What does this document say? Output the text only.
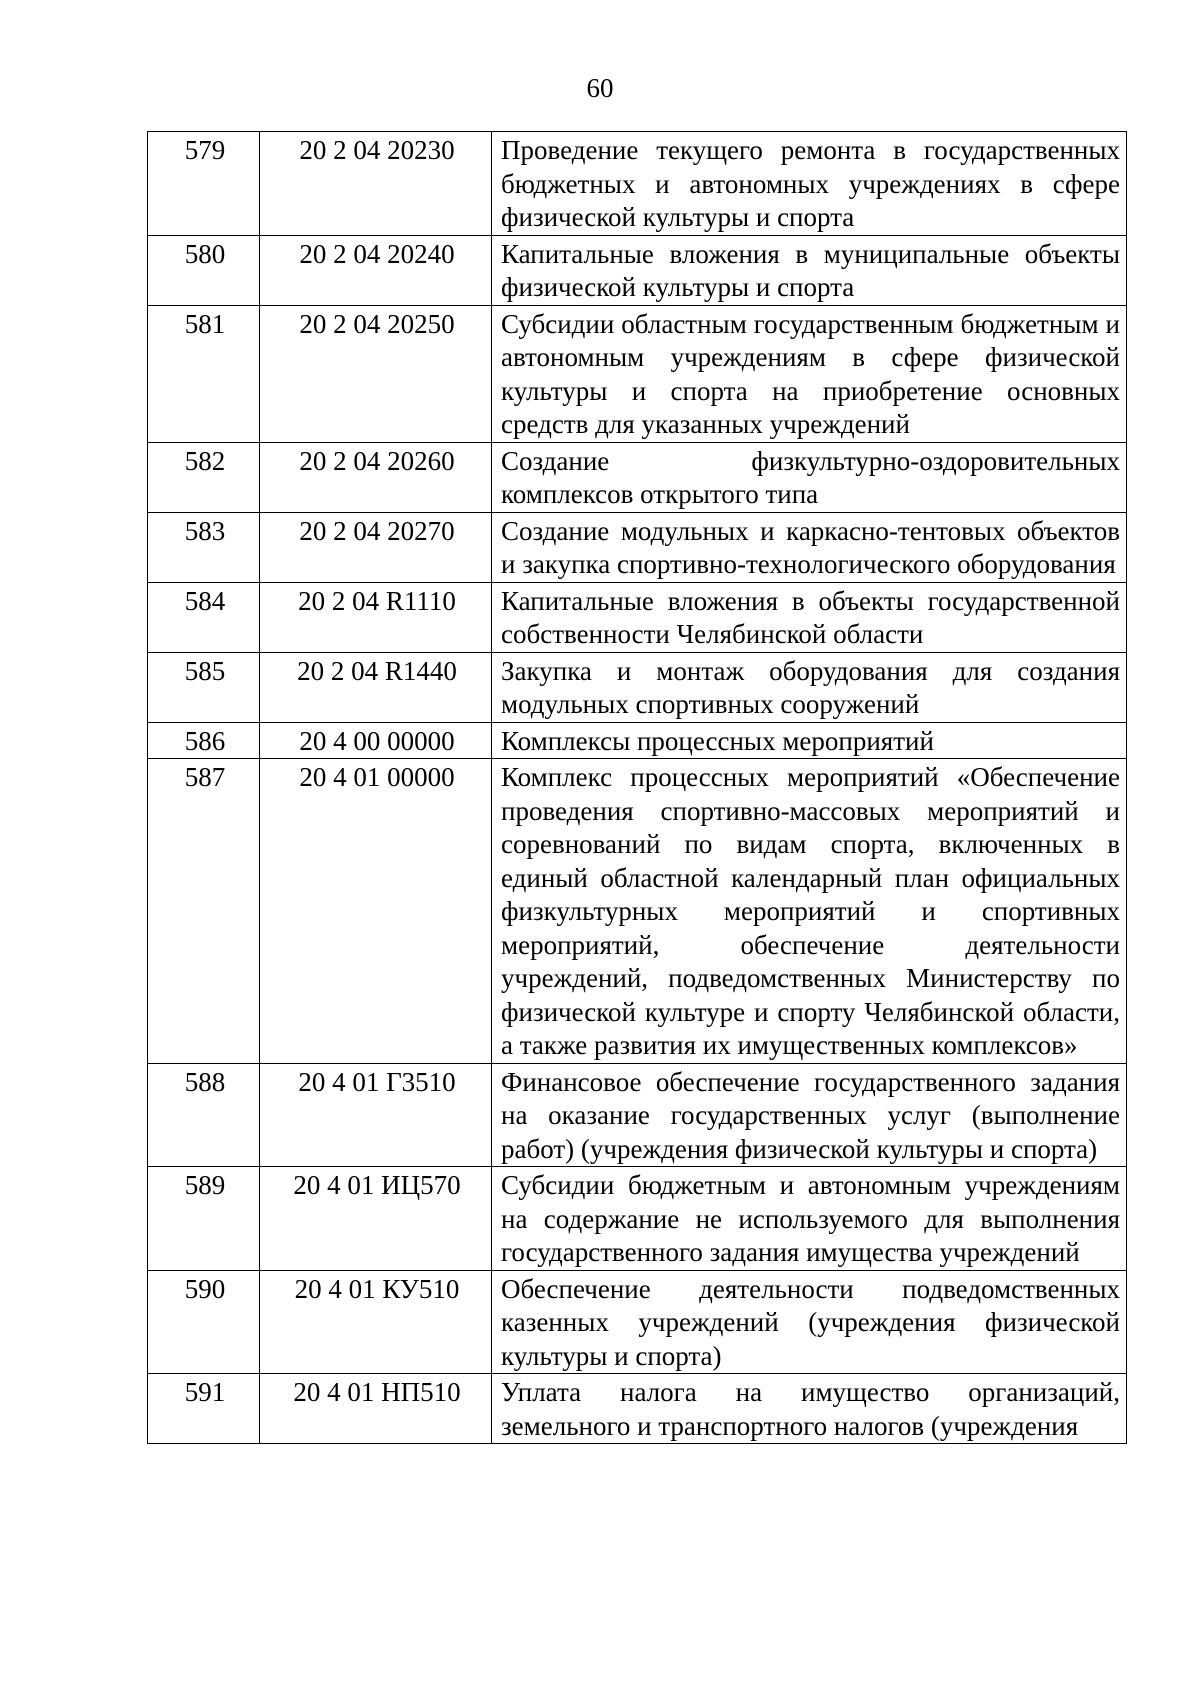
60
579	20 2 04 20230	Проведение текущего ремонта в государственных бюджетных и автономных учреждениях в сфере физической культуры и спорта
580	20 2 04 20240	Капитальные вложения в муниципальные объекты физической культуры и спорта
581	20 2 04 20250	Субсидии областным государственным бюджетным и автономным учреждениям в сфере физической культуры и спорта на приобретение основных средств для указанных учреждений
582	20 2 04 20260	Создание физкультурно-оздоровительных комплексов открытого типа
583	20 2 04 20270	Создание модульных и каркасно-тентовых объектов и закупка спортивно-технологического оборудования
584	20 2 04 R1110	Капитальные вложения в объекты государственной собственности Челябинской области
585	20 2 04 R1440	Закупка и монтаж оборудования для создания модульных спортивных сооружений
586	20 4 00 00000	Комплексы процессных мероприятий
587	20 4 01 00000	Комплекс процессных мероприятий «Обеспечение проведения спортивно-массовых мероприятий и соревнований по видам спорта, включенных в единый областной календарный план официальных физкультурных мероприятий и спортивных мероприятий, обеспечение деятельности учреждений, подведомственных Министерству по физической культуре и спорту Челябинской области, а также развития их имущественных комплексов»
588	20 4 01 Г3510	Финансовое обеспечение государственного задания на оказание государственных услуг (выполнение работ) (учреждения физической культуры и спорта)
589	20 4 01 ИЦ570	Субсидии бюджетным и автономным учреждениям на содержание не используемого для выполнения государственного задания имущества учреждений
590	20 4 01 КУ510	Обеспечение деятельности подведомственных казенных учреждений (учреждения физической культуры и спорта)
591	20 4 01 НП510	Уплата налога на имущество организаций, земельного и транспортного налогов (учреждения
